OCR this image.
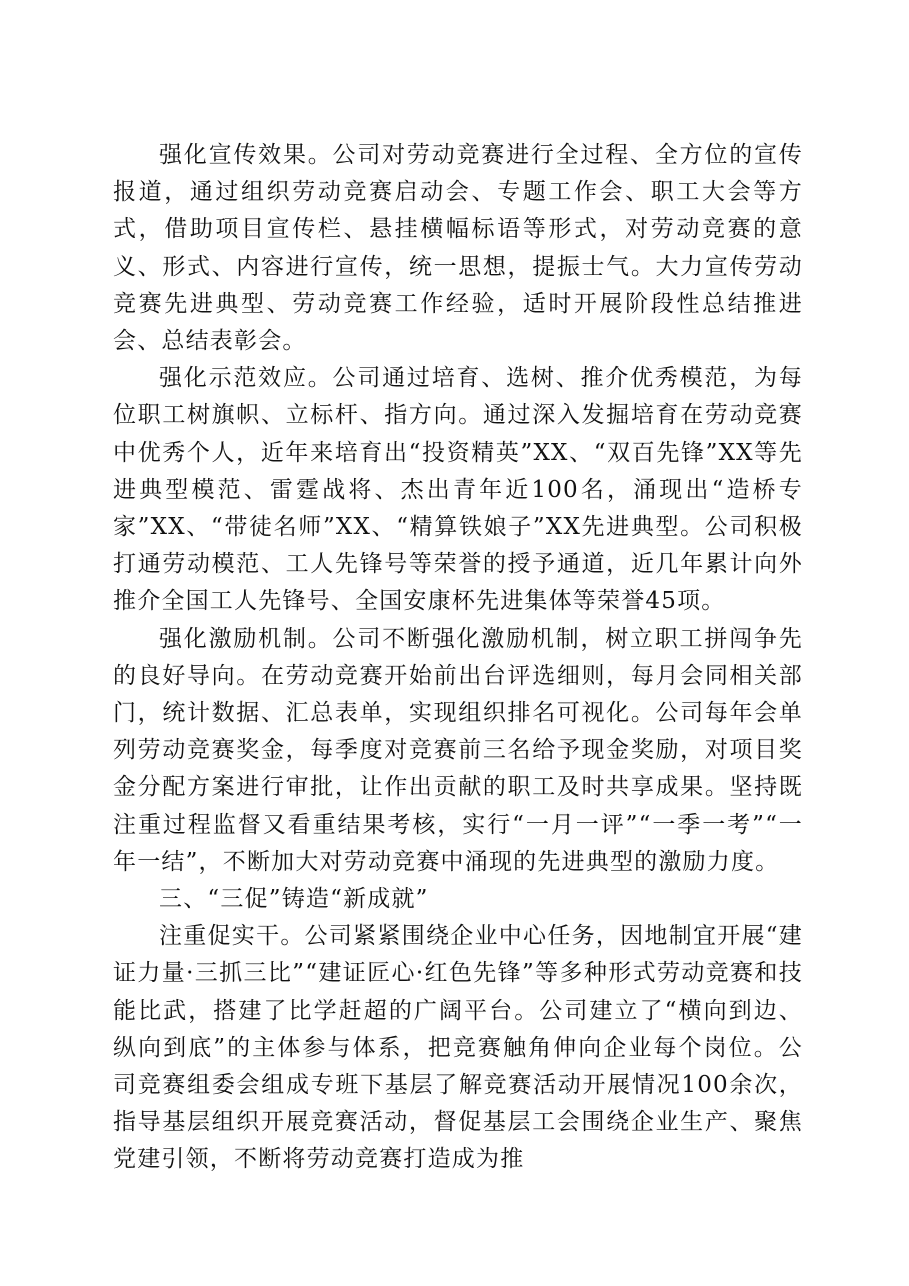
强化宣传效果。公司对劳动竞赛进行全过程、全方位的宣传报道，通过组织劳动竞赛启动会、专题工作会、职工大会等方式，借助项目宣传栏、悬挂横幅标语等形式，对劳动竞赛的意义、形式、内容进行宣传，统一思想，提振士气。大力宣传劳动竞赛先进典型、劳动竞赛工作经验，适时开展阶段性总结推进会、总结表彰会。

强化示范效应。公司通过培育、选树、推介优秀模范，为每位职工树旗帜、立标杆、指方向。通过深入发掘培育在劳动竞赛中优秀个人，近年来培育出“投资精英”XX、“双百先锋”XX等先进典型模范、雷霆战将、杰出青年近100名，涌现出“造桥专家”XX、“带徒名师”XX、“精算铁娘子”XX先进典型。公司积极打通劳动模范、工人先锋号等荣誉的授予通道，近几年累计向外推介全国工人先锋号、全国安康杯先进集体等荣誉45项。

强化激励机制。公司不断强化激励机制，树立职工拼闯争先的良好导向。在劳动竞赛开始前出台评选细则，每月会同相关部门，统计数据、汇总表单，实现组织排名可视化。公司每年会单列劳动竞赛奖金，每季度对竞赛前三名给予现金奖励，对项目奖金分配方案进行审批，让作出贡献的职工及时共享成果。坚持既注重过程监督又看重结果考核，实行“一月一评”“一季一考”“一年一结”，不断加大对劳动竞赛中涌现的先进典型的激励力度。

三、“三促”铸造“新成就”

注重促实干。公司紧紧围绕企业中心任务，因地制宜开展“建证力量·三抓三比”“建证匠心·红色先锋”等多种形式劳动竞赛和技能比武，搭建了比学赶超的广阔平台。公司建立了“横向到边、纵向到底”的主体参与体系，把竞赛触角伸向企业每个岗位。公司竞赛组委会组成专班下基层了解竞赛活动开展情况100余次，指导基层组织开展竞赛活动，督促基层工会围绕企业生产、聚焦党建引领，不断将劳动竞赛打造成为推
